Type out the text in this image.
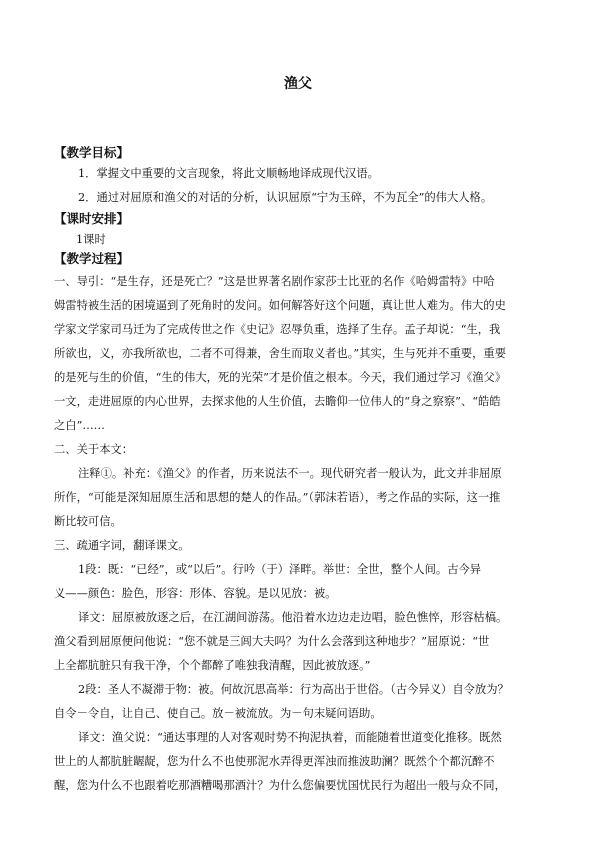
渔父
【教学目标】
1．掌握文中重要的文言现象，将此文顺畅地译成现代汉语。
2．通过对屈原和渔父的对话的分析，认识屈原“宁为玉碎，不为瓦全”的伟大人格。
【课时安排】
1课时
【教学过程】
一、导引：“是生存，还是死亡？”这是世界著名剧作家莎士比亚的名作《哈姆雷特》中哈
姆雷特被生活的困境逼到了死角时的发问。如何解答好这个问题，真让世人难为。伟大的史
学家文学家司马迁为了完成传世之作《史记》忍辱负重，选择了生存。孟子却说：“生，我
所欲也，义，亦我所欲也，二者不可得兼，舍生而取义者也。”其实，生与死并不重要，重要
的是死与生的价值，“生的伟大，死的光荣”才是价值之根本。今天，我们通过学习《渔父》
一文，走进屈原的内心世界，去探求他的人生价值，去瞻仰一位伟人的“身之察察”、“皓皓
之白”……
二、关于本文：
注释①。补充：《渔父》的作者，历来说法不一。现代研究者一般认为，此文并非屈原
所作，“可能是深知屈原生活和思想的楚人的作品。”（郭沫若语），考之作品的实际，这一推
断比较可信。
三、疏通字词，翻译课文。
1段：既：“已经”，或“以后”。行吟（于）泽畔。举世：全世，整个人间。古今异
义——颜色：脸色，形容：形体、容貌。是以见放：被。
译文：屈原被放逐之后，在江湖间游荡。他沿着水边边走边唱，脸色憔悴，形容枯槁。
渔父看到屈原便问他说：“您不就是三闾大夫吗？为什么会落到这种地步？”屈原说：“世
上全都肮脏只有我干净，个个都醉了唯独我清醒，因此被放逐。”
2段：圣人不凝滞于物：被。何故沉思高举：行为高出于世俗。（古今异义）自令放为？
自令－令自，让自己、使自己。放－被流放。为－句末疑问语助。
译文：渔父说：“通达事理的人对客观时势不拘泥执着，而能随着世道变化推移。既然
世上的人都肮脏龌龊，您为什么不也使那泥水弄得更浑浊而推波助澜？既然个个都沉醉不
醒，您为什么不也跟着吃那酒糟喝那酒汁？为什么您偏要忧国忧民行为超出一般与众不同，
